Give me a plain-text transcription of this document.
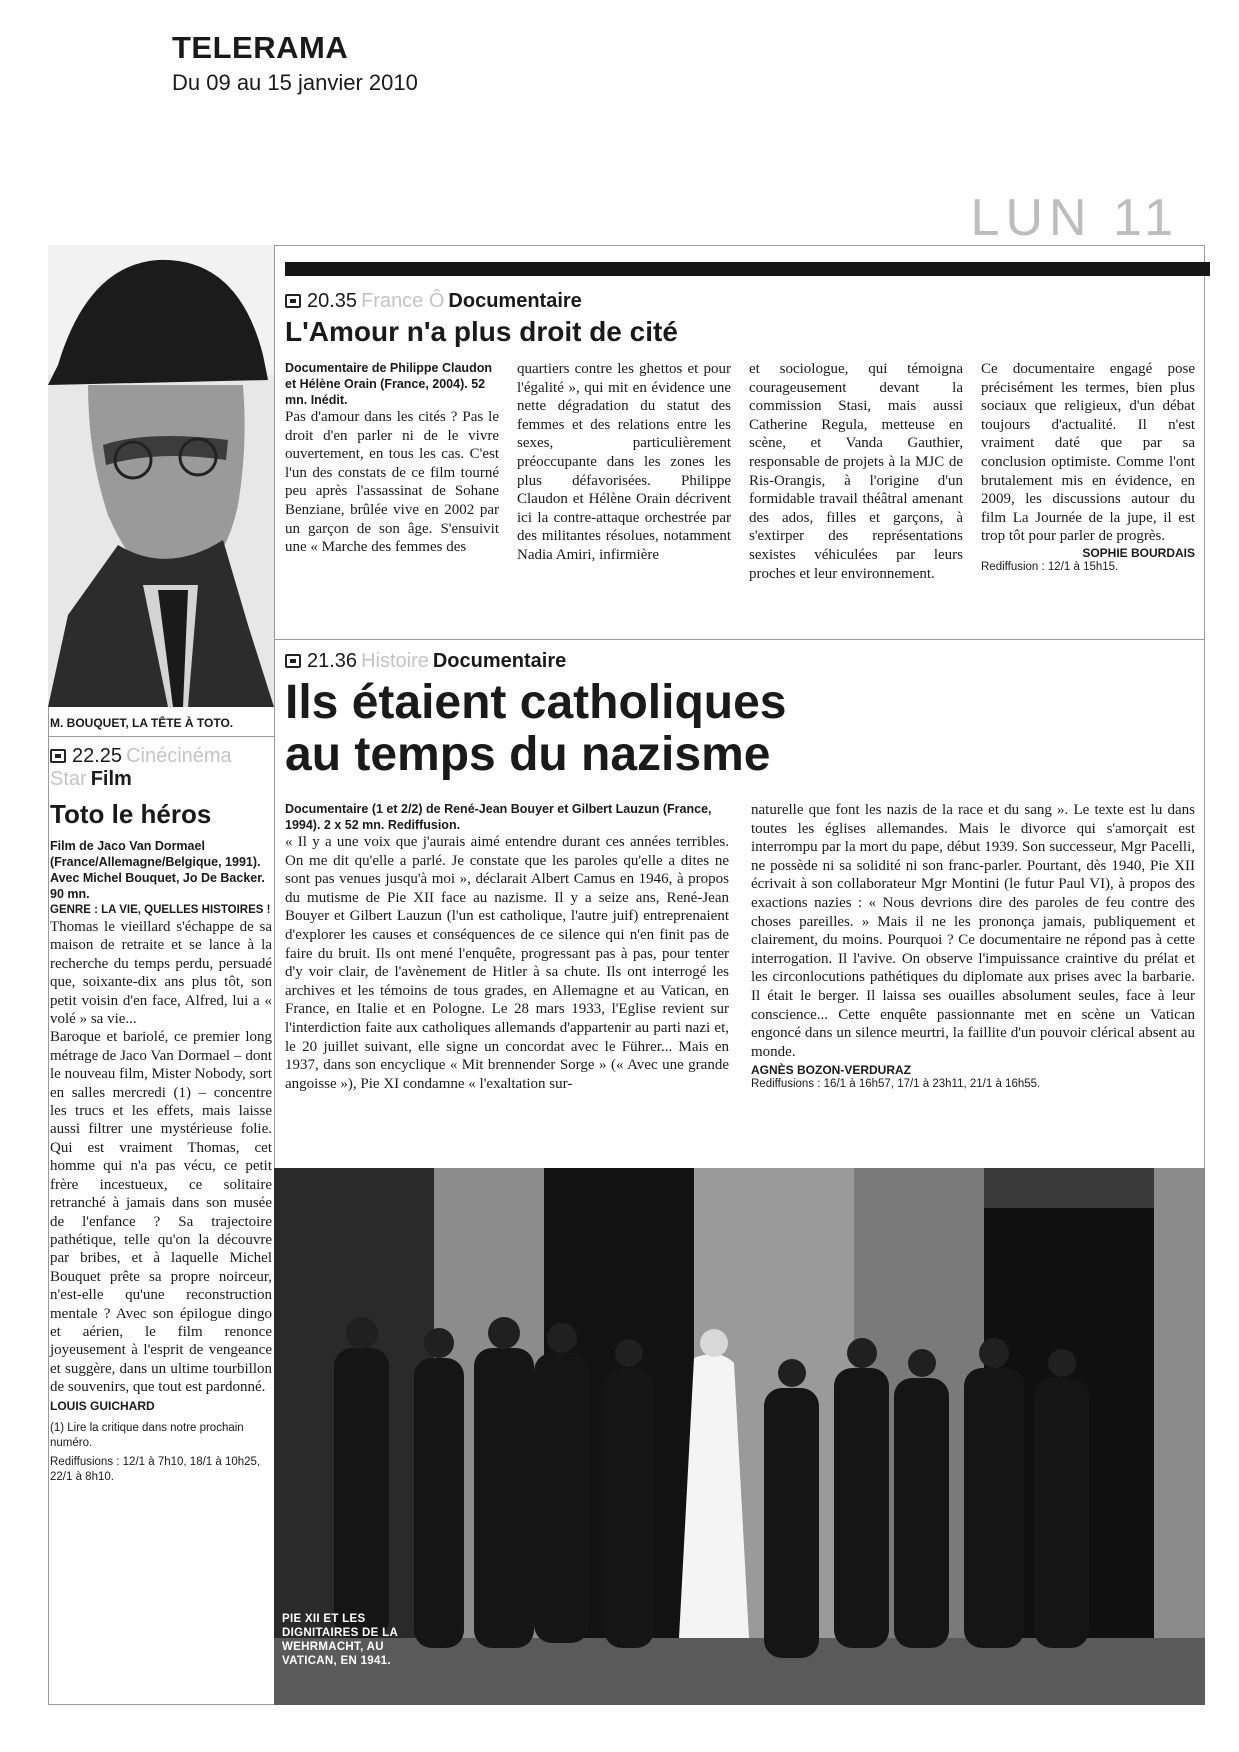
TELERAMA
Du 09 au 15 janvier 2010
LUN 11
M. BOUQUET, LA TÊTE À TOTO.
22.25 Cinécinéma Star Film
Toto le héros
Film de Jaco Van Dormael (France/Allemagne/Belgique, 1991). Avec Michel Bouquet, Jo De Backer. 90 mn.
GENRE : LA VIE, QUELLES HISTOIRES !

Thomas le vieillard s'échappe de sa maison de retraite et se lance à la recherche du temps perdu, persuadé que, soixante-dix ans plus tôt, son petit voisin d'en face, Alfred, lui a « volé » sa vie...

Baroque et bariolé, ce premier long métrage de Jaco Van Dormael – dont le nouveau film, Mister Nobody, sort en salles mercredi (1) – concentre les trucs et les effets, mais laisse aussi filtrer une mystérieuse folie. Qui est vraiment Thomas, cet homme qui n'a pas vécu, ce petit frère incestueux, ce solitaire retranché à jamais dans son musée de l'enfance ? Sa trajectoire pathétique, telle qu'on la découvre par bribes, et à laquelle Michel Bouquet prête sa propre noirceur, n'est-elle qu'une reconstruction mentale ? Avec son épilogue dingo et aérien, le film renonce joyeusement à l'esprit de vengeance et suggère, dans un ultime tourbillon de souvenirs, que tout est pardonné.

LOUIS GUICHARD
(1) Lire la critique dans notre prochain numéro.
Rediffusions : 12/1 à 7h10, 18/1 à 10h25, 22/1 à 8h10.
20.35 France Ô Documentaire
L'Amour n'a plus droit de cité
Documentaire de Philippe Claudon et Hélène Orain (France, 2004). 52 mn. Inédit.
Pas d'amour dans les cités ? Pas le droit d'en parler ni de le vivre ouvertement, en tous les cas. C'est l'un des constats de ce film tourné peu après l'assassinat de Sohane Benziane, brûlée vive en 2002 par un garçon de son âge. S'ensuivit une « Marche des femmes des
quartiers contre les ghettos et pour l'égalité », qui mit en évidence une nette dégradation du statut des femmes et des relations entre les sexes, particulièrement préoccupante dans les zones les plus défavorisées. Philippe Claudon et Hélène Orain décrivent ici la contre-attaque orchestrée par des militantes résolues, notamment Nadia Amiri, infirmière
et sociologue, qui témoigna courageusement devant la commission Stasi, mais aussi Catherine Regula, metteuse en scène, et Vanda Gauthier, responsable de projets à la MJC de Ris-Orangis, à l'origine d'un formidable travail théâtral amenant des ados, filles et garçons, à s'extirper des représentations sexistes véhiculées par leurs proches et leur environnement.
Ce documentaire engagé pose précisément les termes, bien plus sociaux que religieux, d'un débat toujours d'actualité. Il n'est vraiment daté que par sa conclusion optimiste. Comme l'ont brutalement mis en évidence, en 2009, les discussions autour du film La Journée de la jupe, il est trop tôt pour parler de progrès.
SOPHIE BOURDAIS
Rediffusion : 12/1 à 15h15.
21.36 Histoire Documentaire
Ils étaient catholiques
au temps du nazisme
Documentaire (1 et 2/2) de René-Jean Bouyer et Gilbert Lauzun (France, 1994). 2 x 52 mn. Rediffusion.
« Il y a une voix que j'aurais aimé entendre durant ces années terribles. On me dit qu'elle a parlé. Je constate que les paroles qu'elle a dites ne sont pas venues jusqu'à moi », déclarait Albert Camus en 1946, à propos du mutisme de Pie XII face au nazisme. Il y a seize ans, René-Jean Bouyer et Gilbert Lauzun (l'un est catholique, l'autre juif) entreprenaient d'explorer les causes et conséquences de ce silence qui n'en finit pas de faire du bruit. Ils ont mené l'enquête, progressant pas à pas, pour tenter d'y voir clair, de l'avènement de Hitler à sa chute. Ils ont interrogé les archives et les témoins de tous grades, en Allemagne et au Vatican, en France, en Italie et en Pologne. Le 28 mars 1933, l'Eglise revient sur l'interdiction faite aux catholiques allemands d'appartenir au parti nazi et, le 20 juillet suivant, elle signe un concordat avec le Führer... Mais en 1937, dans son encyclique « Mit brennender Sorge » (« Avec une grande angoisse »), Pie XI condamne « l'exaltation sur-
naturelle que font les nazis de la race et du sang ». Le texte est lu dans toutes les églises allemandes. Mais le divorce qui s'amorçait est interrompu par la mort du pape, début 1939. Son successeur, Mgr Pacelli, ne possède ni sa solidité ni son franc-parler. Pourtant, dès 1940, Pie XII écrivait à son collaborateur Mgr Montini (le futur Paul VI), à propos des exactions nazies : « Nous devrions dire des paroles de feu contre des choses pareilles. » Mais il ne les prononça jamais, publiquement et clairement, du moins. Pourquoi ? Ce documentaire ne répond pas à cette interrogation. Il l'avive. On observe l'impuissance craintive du prélat et les circonlocutions pathétiques du diplomate aux prises avec la barbarie. Il était le berger. Il laissa ses ouailles absolument seules, face à leur conscience... Cette enquête passionnante met en scène un Vatican engoncé dans un silence meurtri, la faillite d'un pouvoir clérical absent au monde.
AGNÈS BOZON-VERDURAZ
Rediffusions : 16/1 à 16h57, 17/1 à 23h11, 21/1 à 16h55.
PIE XII ET LES DIGNITAIRES DE LA WEHRMACHT, AU VATICAN, EN 1941.
